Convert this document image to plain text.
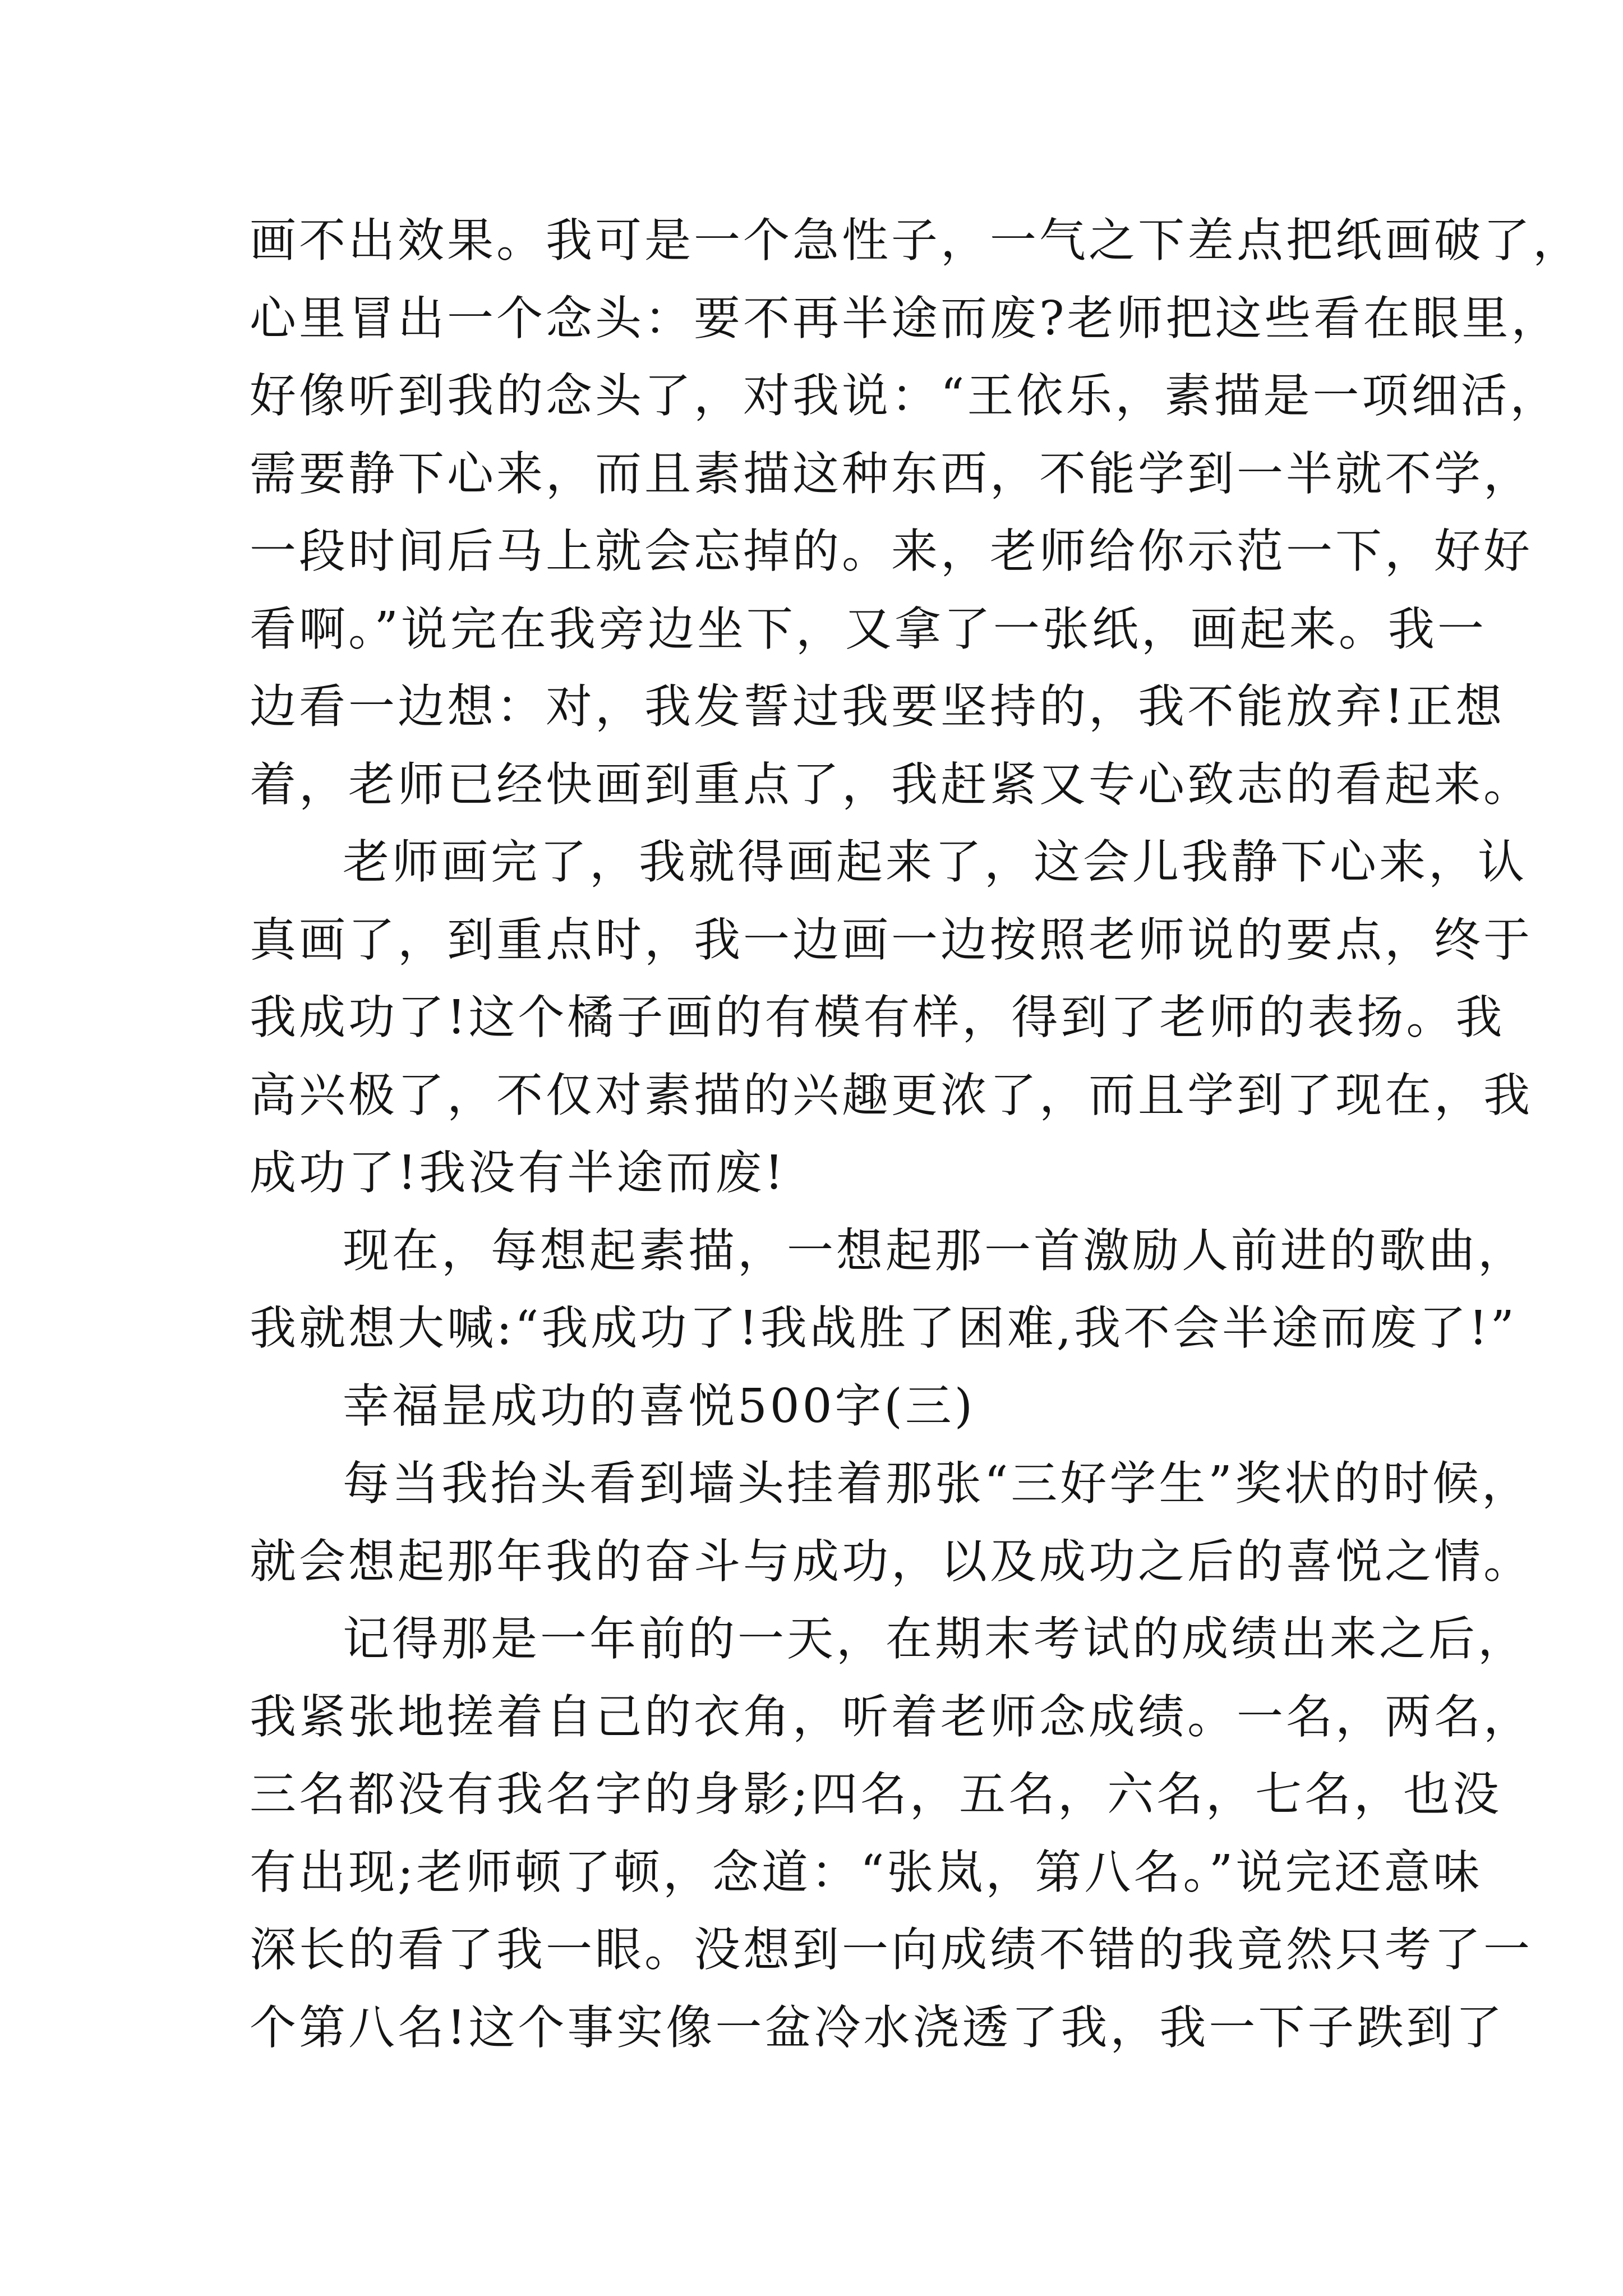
画不出效果。我可是一个急性子，一气之下差点把纸画破了，
心里冒出一个念头：要不再半途而废?老师把这些看在眼里，
好像听到我的念头了，对我说：“王依乐，素描是一项细活，
需要静下心来，而且素描这种东西，不能学到一半就不学，
一段时间后马上就会忘掉的。来，老师给你示范一下，好好
看啊。”说完在我旁边坐下，又拿了一张纸，画起来。我一
边看一边想：对，我发誓过我要坚持的，我不能放弃!正想
着，老师已经快画到重点了，我赶紧又专心致志的看起来。
老师画完了，我就得画起来了，这会儿我静下心来，认
真画了，到重点时，我一边画一边按照老师说的要点，终于
我成功了!这个橘子画的有模有样，得到了老师的表扬。我
高兴极了，不仅对素描的兴趣更浓了，而且学到了现在，我
成功了!我没有半途而废!
现在，每想起素描，一想起那一首激励人前进的歌曲，
我就想大喊:“我成功了!我战胜了困难,我不会半途而废了!”
幸福昰成功的喜悦500字(三)
每当我抬头看到墙头挂着那张“三好学生”奖状的时候，
就会想起那年我的奋斗与成功，以及成功之后的喜悦之情。
记得那是一年前的一天，在期末考试的成绩出来之后，
我紧张地搓着自己的衣角，听着老师念成绩。一名，两名，
三名都没有我名字的身影;四名，五名，六名，七名，也没
有出现;老师顿了顿，念道：“张岚，第八名。”说完还意味
深长的看了我一眼。没想到一向成绩不错的我竟然只考了一
个第八名!这个事实像一盆冷水浇透了我，我一下子跌到了
